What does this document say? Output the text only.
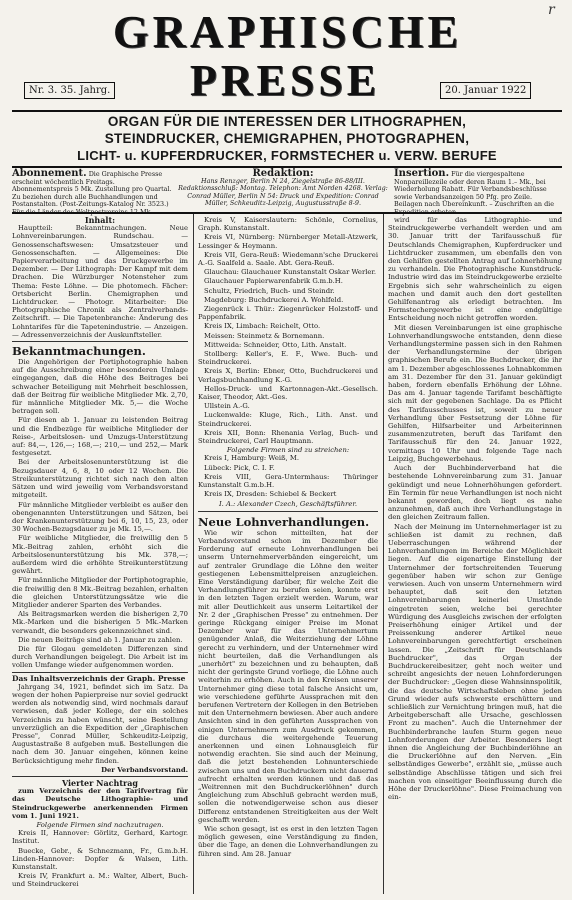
GRAPHISCHE	r
Nr. 3. 35. Jahrg.	PRESSE	20. Januar 1922
ORGAN FÜR DIE INTERESSEN DER LITHOGRAPHEN,
STEINDRUCKER, CHEMIGRAPHEN, PHOTOGRAPHEN,
LICHT- u. KUPFERDRUCKER, FORMSTECHER u. VERW. BERUFE
Abonnement. Die Graphische Presse erscheint wöchentlich Freitags. Abonnementspreis 5 Mk. Zustellung pro Quartal. Zu beziehen durch alle Buchhandlungen und Postanstalten. (Post-Zeitungs-Katalog Nr. 3523.)
Redaktion:
Hans Renzger, Berlin N 24, Ziegelstraße 86-88/III. Redaktionsschluß: Montag. Telephon: Amt Norden 4268. Verlag: Conrad Müller, Berlin N 54: Druck und Expedition: Conrad Müller, Schkeuditz-Leipzig, Augustusstraße 8-9.
Insertion. Für die viergespaltene Nonpareillezeile oder deren Raum 1.– Mk., bei Wiederholung Rabatt. Für Verbandsbeschlüsse sowie Verbandsanzeigen 50 Pfg. pro Zeile. Beilagen nach Übereinkunft. – Zuschriften an die
Inhalt:

Hauptteil: Bekanntmachungen. Neue Lohnvereinbarungen. Rundschau. — Genossenschaftswesen: Umsatzsteuer und Genossenschaften. — Allgemeines: Die Papierverarbeitung und das Druckgewerbe im Dezember. — Der Lithograph: Der Kampf mit dem Drachen. Die Würzburger Notensteher zum Thema: Feste Löhne. — Die photomech. Fächer: Ortsbericht Berlin. Chemigraphen und Lichtdrucker. — Photogr. Mitarbeiter: Die Photographische Chronik als Zentralverbands-Zeitschrift. — Die Tapetenbranche: Änderung des Lohntarifes für die Tapetenindustrie. — Anzeigen. — Adressenverzeichnis der Auskunftsteller.

Bekanntmachungen.

Die Angehörigen der Portiphotographie haben auf die Ausschreibung einer besonderen Umlage eingegangen, daß die Höhe des Beitrages bei schwacher Beteiligung mit Mehrheit beschlossen, daß der Beitrag für weibliche Mitglieder Mk. 2,70, für männliche Mitglieder Mk. 5,— die Woche betragen soll.

Für diesen ab 1. Januar zu leistenden Beitrag und die Endbezüge für weibliche Mitglieder der Reise-, Arbeitslosen- und Umzugs-Unterstützung auf: 84,—, 126,—; 168,—; 210,— und 252,— Mark festgesetzt.

Bei der Arbeitslosenunterstützung ist die Bezugsdauer 4, 6, 8, 10 oder 12 Wochen. Die Streikunterstützung richtet sich nach den alten Sätzen und wird jeweilig vom Verbandsvorstand mitgeteilt.

Für männliche Mitglieder verbleibt es außer den obengenannten Unterstützungen und Sätzen, bei der Krankenunterstützung bei 6, 10, 15, 23, oder 30 Wochen-Bezugsdauer zu je Mk. 15,—.

Für weibliche Mitglieder, die freiwillig den 5 Mk.-Beitrag zahlen, erhöht sich die Arbeitslosenunterstützung bis Mk. 378,—; außerdem wird die erhöhte Streikunterstützung gewährt.

Für männliche Mitglieder der Portiphotographie, die freiwillig den 8 Mk.-Beitrag bezahlen, erhalten die gleichen Unterstützungssätze wie die Mitglieder anderer Sparten des Verbandes.

Als Beitragsmarken werden die bisherigen 2,70 Mk.-Marken und die bisherigen 5 Mk.-Marken verwandt, die besonders gekennzeichnet sind.

Die neuen Beiträge sind ab 1. Januar zu zahlen.

Die für Glogau gemeldeten Differenzen sind durch Verhandlungen beigelegt. Die Arbeit ist im vollen Umfange wieder aufgenommen worden.

Das Inhaltsverzeichnis der Graph. Presse

Jahrgang 34, 1921, befindet sich im Satz. Da wegen der hohen Papierpreise nur soviel gedruckt werden als notwendig sind, wird nochmals darauf verwiesen, daß jeder Kollege, der ein solches Verzeichnis zu haben wünscht, seine Bestellung unverzüglich an die Expedition der „Graphischen Presse", Conrad Müller, Schkeuditz-Leipzig, Augustastraße 8 aufgeben muß. Bestellungen die nach dem 30. Januar eingehen, können keine Berücksichtigung mehr finden.

Der Verbandsvorstand.
Vierter Nachtrag

zum Verzeichnis der den Tarifvertrag für das Deutsche Lithographie- und Steindruckgewerbe anerkennenden Firmen vom 1. Juni 1921.

Folgende Firmen sind nachzutragen.

Kreis II, Hannover: Görlitz, Gerhard, Kartogr. Institut.

Buecke, Gebr., & Schnezmann, Fr., G.m.b.H. Linden-Hannover: Dopfer & Walsen, Lith. Kunstanstalt.

Kreis IV, Frankfurt a. M.: Walter, Albert, Buch- und Steindruckerei

Kreis V, Kaiserslautern: Schönle, Cornelius, Graph. Kunstanstalt.

Kreis VI, Nürnberg: Nürnberger Metall-Atzwerk, Lessinger & Heymann.

Kreis VII, Gera-Reuß: Wiedemann'sche Druckerei A.-G. Saalfeld a. Saale. Abt. Gera-Reuß.

Glauchau: Glauchauer Kunstanstalt Oskar Werler.

Glauchauer Papierwarenfabrik G.m.b.H.

Schultz, Friedrich, Buch- und Steindr.

Magdeburg: Buchdruckerei A. Wohlfeld.

Ziegenrück i. Thür.: Ziegenrücker Holzstoff- und Pappenfabrik.

Kreis IX, Limbach: Reichelt, Otto.

Meissen: Steinmetz & Bornemann.

Mittweida: Schneider, Otto, Lith. Anstalt.

Stollberg: Keller's, E. F., Wwe. Buch- und Steindruckerei.

Kreis X, Berlin: Ebner, Otto, Buchdruckerei und Verlagsbuchhandlung K.-G.

Hellos-Druck- und Kartonnagen-Akt.-Gesellsch. Kaiser, Theodor, Akt.-Ges.

Ullstein A.-G.

Luckenwalde: Kluge, Rich., Lith. Anst. und Steindruckerei.

Kreis XII, Bonn: Rhenania Verlag, Buch- und Steindruckerei, Carl Hauptmann.

Folgende Firmen sind zu streichen:

Kreis I, Hamburg: Weiß, M.

Lübeck: Pick, C. I. F.

Kreis VIII, Gera-Untermhaus: Thüringer Kunstanstalt G.m.b.H.

Kreis IX, Dresden: Schiebel & Beckert

I. A.: Alexander Czech, Geschäftsführer.
Neue Lohnverhandlungen.

Wie wir schon mitteilten, hat der Verbandsvorstand schon im Dezember die Forderung auf erneute Lohnverhandlungen bei unserm Unternehmerverbänden eingereicht, um auf zentraler Grundlage die Löhne den weiter gestiegenen Lebensmittelpreisen anzugleichen. Eine Verständigung darüber, für welche Zeit die Verhandlungsführer zu berufen seien, konnte erst in den letzten Tagen erzielt werden. Warum, war mit aller Deutlichkeit aus unserm Leitartikel der Nr. 2 der „Graphischen Presse" zu entnehmen. Der geringe Rückgang einiger Preise im Monat Dezember war für das Unternehmertum genügender Anlaß, die Weiterziehung der Löhne gerecht zu verhindern, und der Unternehmer wird nicht beurteilen, daß die Verhandlungen als „unerhört" zu bezeichnen und zu behaupten, daß nicht der geringste Grund vorliege, die Löhne auch weiterhin zu erhöhen. Auch in den Kreisen unserer Unternehmer ging diese total falsche Ansicht um, wie verschiedene geführte Aussprachen mit den berufenen Vertretern der Kollegen in den Betrieben mit den Unternehmern bewiesen. Aber auch andere Ansichten sind in den geführten Aussprachen von einigen Unternehmern zum Ausdruck gekommen, die durchaus die weitergehende Teuerung anerkennen und einen Lohnausgleich für notwendig erachten. Sie sind auch der Meinung, daß die jetzt bestehenden Lohnunterschiede zwischen uns und den Buchdruckern nicht dauernd aufrecht erhalten werden können und daß das „Weitrennen mit den Buchdruckerlöhnen" durch Angleichung zum Abschluß gebracht werden muß, sollen die notwendigerweise schon aus dieser Differenz entstandenen Streitigkeiten aus der Welt geschafft werden.

Wie schon gesagt, ist es erst in den letzten Tagen möglich gewesen, eine Verständigung zu finden, über die Tage, an denen die Lohnverhandlungen zu führen sind. Am 28. Januar

wird für das Lithographie- und Steindruckgewerbe verhandelt werden und am 30. Januar tritt der Tarifausschuß für Deutschlands Chemigraphen, Kupferdrucker und Lichtdrucker zusammen, um ebenfalls den von den Gehilfen gestellten Antrag auf Lohnerhöhung zu verhandeln. Die Photographische Kunstdruck-Industrie wird das im Steindruckgewerbe erzielte Ergebnis sich sehr wahrscheinlich zu eigen machen und damit auch den dort gestellten Gehilfenantrag als erledigt betrachten. Im Formstechergewerbe ist eine endgültige Entscheidung noch nicht getroffen worden.

Mit diesen Vereinbarungen ist eine graphische Lohnverhandlungswoche entstanden, denn diese Verhandlungstermine passen sich in den Rahmen der Verhandlungstermine der übrigen graphischen Berufe ein. Die Buchdrucker, die ihr am 1. Dezember abgeschlossenes Lohnabkommen am 31. Dezember für den 31. Januar gekündigt haben, fordern ebenfalls Erhöhung der Löhne. Das am 4. Januar tagende Tarifamt beschäftigte sich mit der gegebenen Sachlage. Da es Pflicht des Tarifausschusses ist, soweit zu neuer Verhandlung über Festsetzung der Löhne für Gehilfen, Hilfsarbeiter und Arbeiterinnen zusammenzutreten, beruft das Tarifamt den Tarifausschuß für den 24. Januar 1922, vormittags 10 Uhr und folgende Tage nach Leipzig, Buchgewerbehaus.

Auch der Buchbinderverband hat die bestehende Lohnvereinbarung zum 31. Januar gekündigt und neue Lohnerhöhungen gefordert. Ein Termin für neue Verhandlungen ist noch nicht bekannt geworden, doch liegt es nahe anzunehmen, daß auch ihre Verhandlungstage in den gleichen Zeitraum fallen.

Nach der Meinung im Unternehmerlager ist zu schließen ist damit zu rechnen, daß Ueberraschungen während der Lohnverhandlungen im Bereiche der Möglichkeit liegen. Auf die eigenartige Einstellung der Unternehmer der fortschreitenden Teuerung gegenüber haben wir schon zur Genüge verwiesen. Auch von unserm Unternehmern wird behauptet, daß seit den letzten Lohnvereinbarungen keinerlei Umstände eingetreten seien, welche bei gerechter Würdigung des Ausgleichs zwischen der erfolgten Preiserhöhung einiger Artikel und der Preissenkung anderer Artikel neue Lohnvereinbarungen gerechtfertigt erscheinen lassen. Die „Zeitschrift für Deutschlands Buchdrucker", das Organ der Buchdruckereibesitzer, geht noch weiter und schreibt angesichts der neuen Lohnforderungen der Buchdrucker: „Gegen diese Wahnsinnspolitik, die das deutsche Wirtschaftsleben ohne jeden Grund wieder aufs schwerste erschüttern und schließlich zur Vernichtung bringen muß, hat die Arbeitgeberschaft alle Ursache, geschlossen Front zu machen". Auch die Unternehmer der Buchbinderbranche laufen Sturm gegen neue Lohnforderungen der Arbeiter. Besonders liegt ihnen die Angleichung der Buchbinderlöhne an die Druckerlöhne auf den Nerven. „Ein selbständiges Gewerbe", erzählt sie, „müsse auch selbständige Abschlüsse tätigen und sich frei machen von einseitiger Beeinflussung durch die Höhe der Druckerlöhne". Diese Freimachung von ein-
